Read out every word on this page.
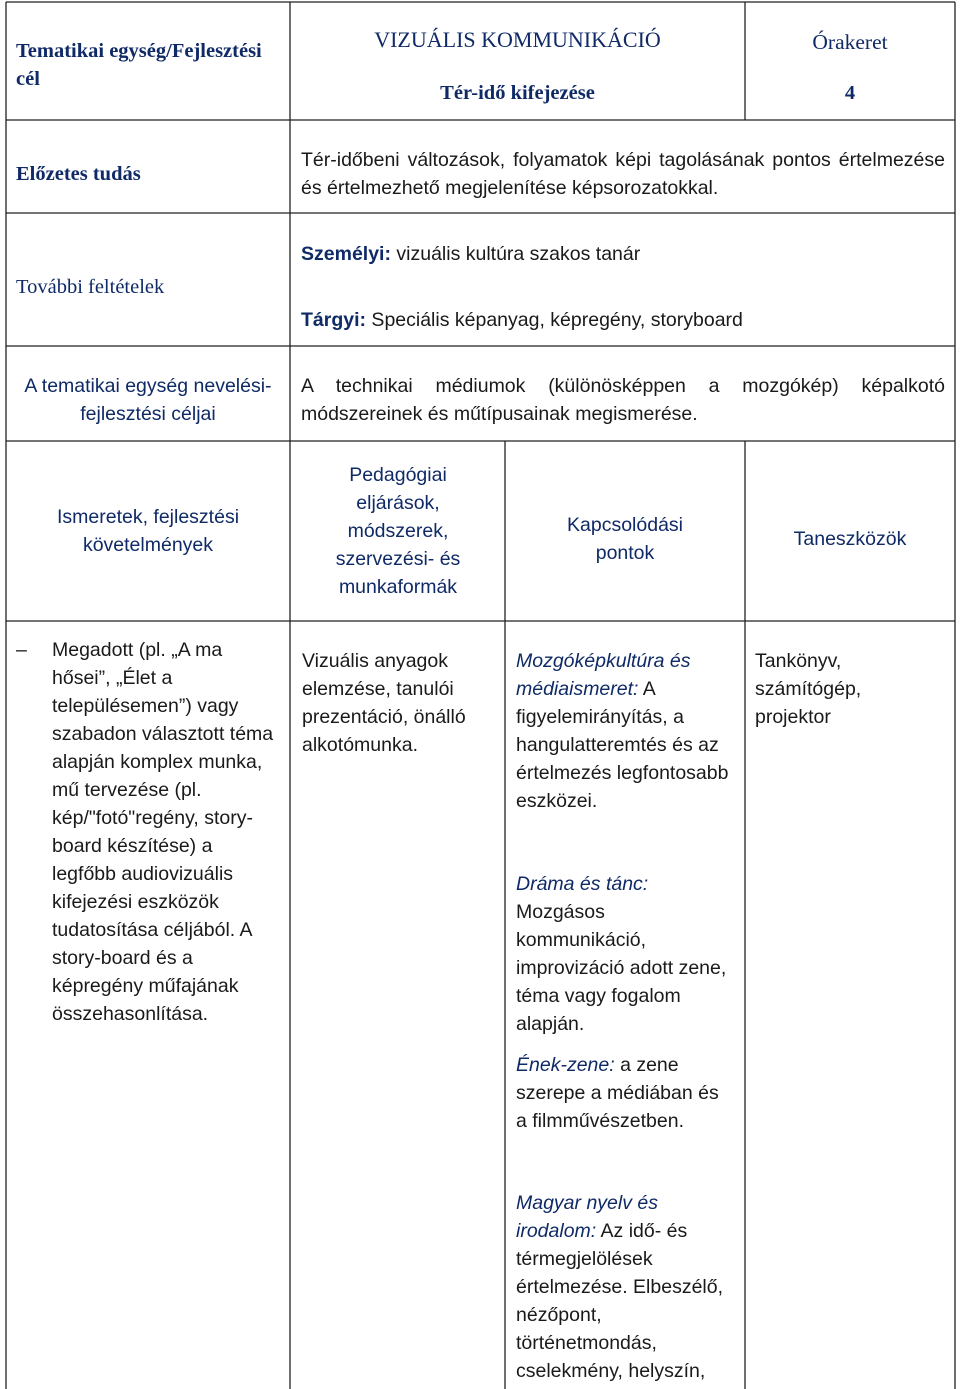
Tematikai egység/Fejlesztési cél
VIZUÁLIS KOMMUNIKÁCIÓ
Tér-idő kifejezése
Órakeret
4
Előzetes tudás
Tér-időbeni változások, folyamatok képi tagolásának pontos értelmezése és értelmezhető megjelenítése képsorozatokkal.
További feltételek
Személyi: vizuális kultúra szakos tanár
Tárgyi: Speciális képanyag, képregény, storyboard
A tematikai egység nevelési-fejlesztési céljai
A technikai médiumok (különösképpen a mozgókép) képalkotó módszereinek és műtípusainak megismerése.
Ismeretek, fejlesztési követelmények
Pedagógiai eljárások, módszerek, szervezési- és munkaformák
Kapcsolódási pontok
Taneszközök
– Megadott (pl. „A ma hősei”, „Élet a településemen”) vagy szabadon választott téma alapján komplex munka, mű tervezése (pl. kép/"fotó"regény, story-board készítése) a legfőbb audiovizuális kifejezési eszközök tudatosítása céljából. A story-board és a képregény műfajának összehasonlítása.
Vizuális anyagok elemzése, tanulói prezentáció, önálló alkotómunka.
Mozgóképkultúra és médiaismeret: A figyelemirányítás, a hangulatteremtés és az értelmezés legfontosabb eszközei.
Dráma és tánc: Mozgásos kommunikáció, improvizáció adott zene, téma vagy fogalom alapján.
Ének-zene: a zene szerepe a médiában és a filmművészetben.
Magyar nyelv és irodalom: Az idő- és térmegjelölések értelmezése. Elbeszélő, nézőpont, történetmondás, cselekmény, helyszín,
Tankönyv, számítógép, projektor
